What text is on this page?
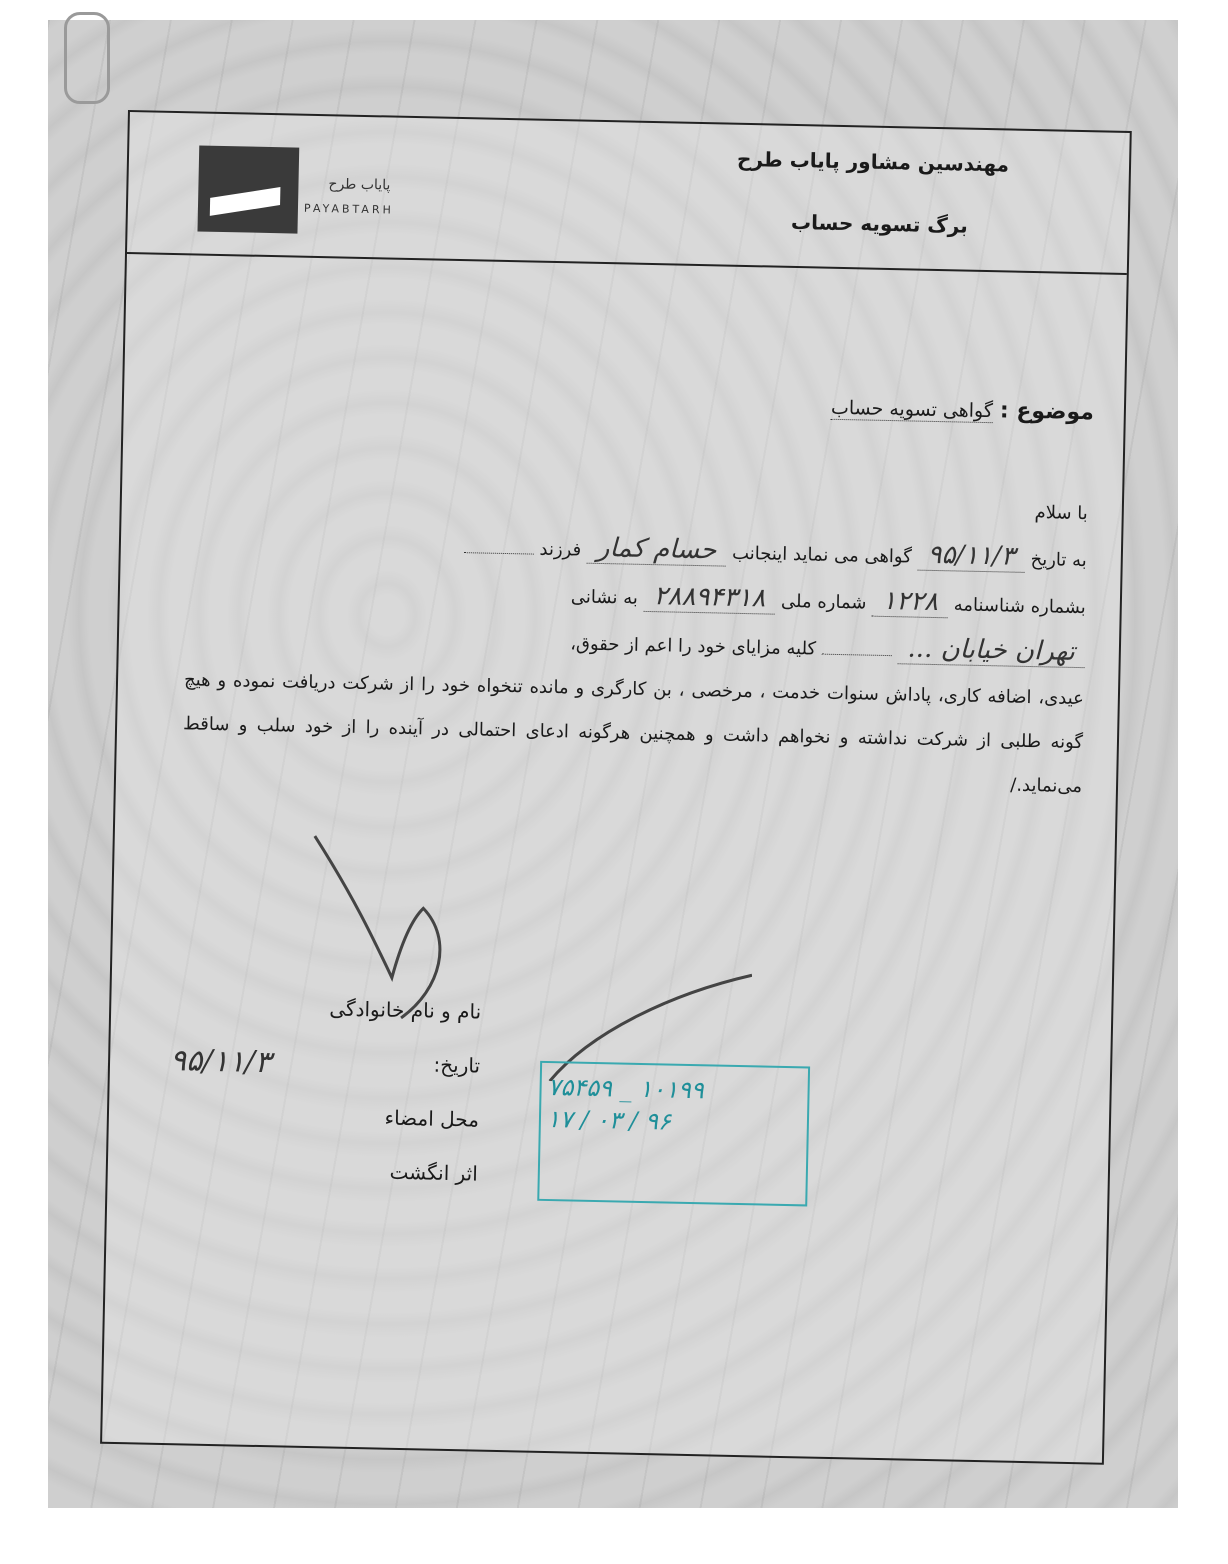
مهندسین مشاور پایاب طرح
برگ تسویه حساب
پایاب طرح
PAYABTARH
موضوع : گواهی تسویه حساب
با سلام
به تاریخ ۹۵/۱۱/۳ گواهی می نماید اینجانب حسام کمار فرزند
بشماره شناسنامه ۱۲۲۸ شماره ملی ۲۸۸۹۴۳۱۸ به نشانی
تهران خیابان ...  کلیه مزایای خود را اعم از حقوق،
عیدی، اضافه کاری، پاداش سنوات خدمت ، مرخصی ، بن کارگری و مانده تنخواه خود را از شرکت دریافت نموده و هیچ گونه طلبی از شرکت نداشته و نخواهم داشت و همچنین هرگونه ادعای احتمالی در آینده را از خود سلب و ساقط می‌نماید./
۹۵/۱۱/۳
نام و نام خانوادگی
تاریخ:
محل امضاء
اثر انگشت
۱۰۱۹۹ _ ۷۵۴۵۹
۹۶ / ۰۳ / ۱۷
